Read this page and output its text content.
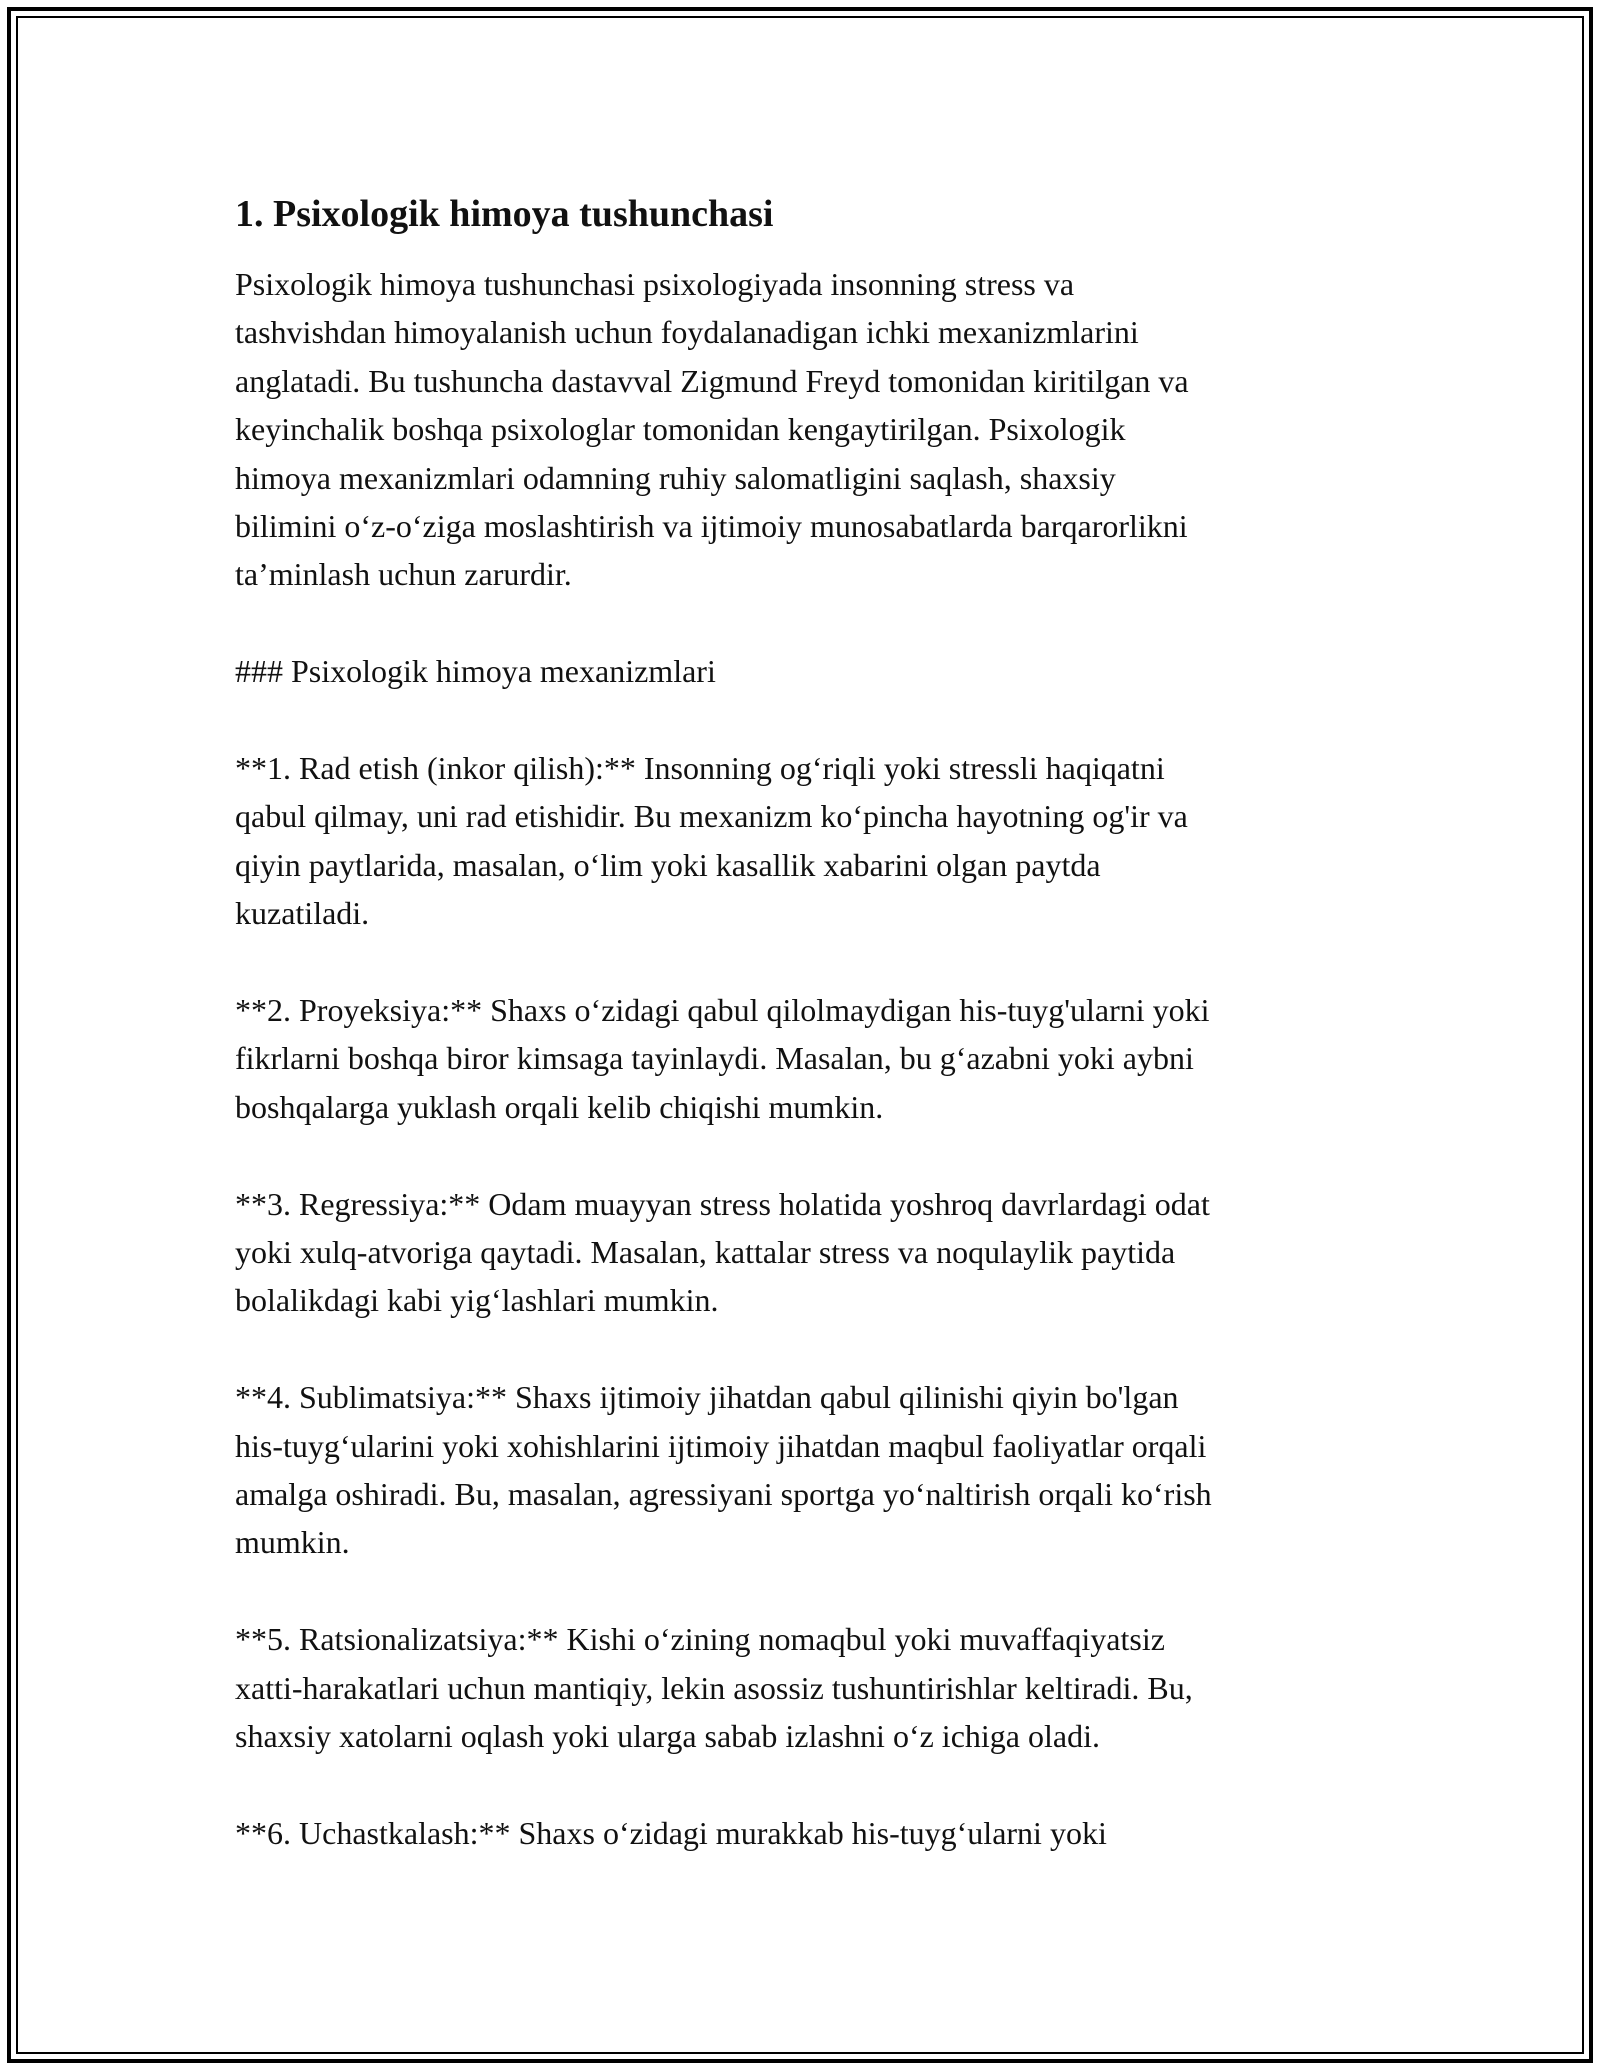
1. Psixologik himoya tushunchasi
Psixologik himoya tushunchasi psixologiyada insonning stress va
tashvishdan himoyalanish uchun foydalanadigan ichki mexanizmlarini
anglatadi. Bu tushuncha dastavval Zigmund Freyd tomonidan kiritilgan va
keyinchalik boshqa psixologlar tomonidan kengaytirilgan. Psixologik
himoya mexanizmlari odamning ruhiy salomatligini saqlash, shaxsiy
bilimini o‘z-o‘ziga moslashtirish va ijtimoiy munosabatlarda barqarorlikni
ta’minlash uchun zarurdir.
### Psixologik himoya mexanizmlari
**1. Rad etish (inkor qilish):** Insonning og‘riqli yoki stressli haqiqatni
qabul qilmay, uni rad etishidir. Bu mexanizm ko‘pincha hayotning og'ir va
qiyin paytlarida, masalan, o‘lim yoki kasallik xabarini olgan paytda
kuzatiladi.
**2. Proyeksiya:** Shaxs o‘zidagi qabul qilolmaydigan his-tuyg'ularni yoki
fikrlarni boshqa biror kimsaga tayinlaydi. Masalan, bu g‘azabni yoki aybni
boshqalarga yuklash orqali kelib chiqishi mumkin.
**3. Regressiya:** Odam muayyan stress holatida yoshroq davrlardagi odat
yoki xulq-atvoriga qaytadi. Masalan, kattalar stress va noqulaylik paytida
bolalikdagi kabi yig‘lashlari mumkin.
**4. Sublimatsiya:** Shaxs ijtimoiy jihatdan qabul qilinishi qiyin bo'lgan
his-tuyg‘ularini yoki xohishlarini ijtimoiy jihatdan maqbul faoliyatlar orqali
amalga oshiradi. Bu, masalan, agressiyani sportga yo‘naltirish orqali ko‘rish
mumkin.
**5. Ratsionalizatsiya:** Kishi o‘zining nomaqbul yoki muvaffaqiyatsiz
xatti-harakatlari uchun mantiqiy, lekin asossiz tushuntirishlar keltiradi. Bu,
shaxsiy xatolarni oqlash yoki ularga sabab izlashni o‘z ichiga oladi.
**6. Uchastkalash:** Shaxs o‘zidagi murakkab his-tuyg‘ularni yoki
